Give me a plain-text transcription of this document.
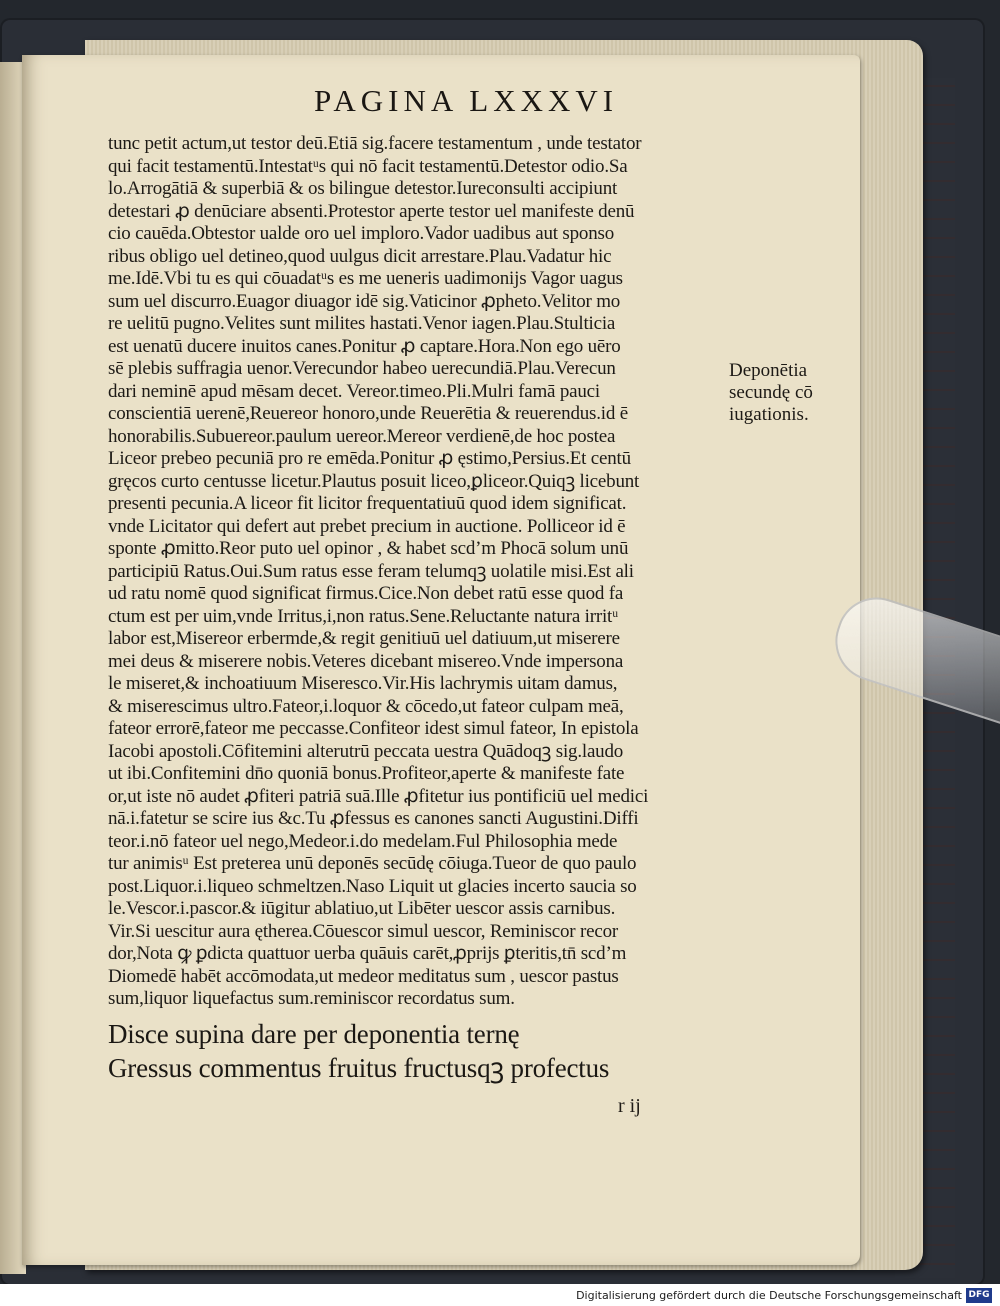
PAGINA LXXXVI
tunc petit actum,ut testor deū.Etiā sig.facere testamentum , unde testator
qui facit testamentū.Intestatᵘs qui nō facit testamentū.Detestor odio.Sa
lo.Arrogātiā & superbiā & os bilingue detestor.Iureconsulti accipiunt
detestari ꝓ denūciare absenti.Protestor aperte testor uel manifeste denū
cio cauēda.Obtestor ualde oro uel imploro.Vador uadibus aut sponso
ribus obligo uel detineo,quod uulgus dicit arrestare.Plau.Vadatur hic
me.Idē.Vbi tu es qui cōuadatᵘs es me ueneris uadimonijs Vagor uagus
sum uel discurro.Euagor diuagor idē sig.Vaticinor ꝓpheto.Velitor mo
re uelitū pugno.Velites sunt milites hastati.Venor iagen.Plau.Stulticia
est uenatū ducere inuitos canes.Ponitur ꝓ captare.Hora.Non ego uēro
sē plebis suffragia uenor.Verecundor habeo uerecundiā.Plau.Verecun
dari neminē apud mēsam decet. Vereor.timeo.Pli.Mulri famā pauci
conscientiā uerenē,Reuereor honoro,unde Reuerētia & reuerendus.id ē
honorabilis.Subuereor.paulum uereor.Mereor verdienē,de hoc postea
Liceor prebeo pecuniā pro re emēda.Ponitur ꝓ ęstimo,Persius.Et centū
gręcos curto centusse licetur.Plautus posuit liceo,ꝑliceor.Quiqꝫ licebunt
presenti pecunia.A liceor fit licitor frequentatiuū quod idem significat.
vnde Licitator qui defert aut prebet precium in auctione. Polliceor id ē
sponte ꝓmitto.Reor puto uel opinor , & habet scd’m Phocā solum unū
participiū Ratus.Oui.Sum ratus esse feram telumqꝫ uolatile misi.Est ali
ud ratu nomē quod significat firmus.Cice.Non debet ratū esse quod fa
ctum est per uim,vnde Irritus,i,non ratus.Sene.Reluctante natura irritᵘ
labor est,Misereor erbermde,& regit genitiuū uel datiuum,ut miserere
mei deus & miserere nobis.Veteres dicebant misereo.Vnde impersona
le miseret,& inchoatiuum Miseresco.Vir.His lachrymis uitam damus,
& miserescimus ultro.Fateor,i.loquor & cōcedo,ut fateor culpam meā,
fateor errorē,fateor me peccasse.Confiteor idest simul fateor, In epistola
Iacobi apostoli.Cōfitemini alterutrū peccata uestra Quādoqꝫ sig.laudo
ut ibi.Confitemini dn̄o quoniā bonus.Profiteor,aperte & manifeste fate
or,ut iste nō audet ꝓfiteri patriā suā.Ille ꝓfitetur ius pontificiū uel medici
nā.i.fatetur se scire ius &c.Tu ꝓfessus es canones sancti Augustini.Diffi
teor.i.nō fateor uel nego,Medeor.i.do medelam.Ful Philosophia mede
tur animisᵘ Est preterea unū deponēs secūdę cōiuga.Tueor de quo paulo
post.Liquor.i.liqueo schmeltzen.Naso Liquit ut glacies incerto saucia so
le.Vescor.i.pascor.& iūgitur ablatiuo,ut Libēter uescor assis carnibus.
Vir.Si uescitur aura ętherea.Cōuescor simul uescor, Reminiscor recor
dor,Nota ꝙ ꝑdicta quattuor uerba quāuis carēt,ꝓprijs ꝑteritis,tn̄ scd’m
Diomedē habēt accōmodata,ut medeor meditatus sum , uescor pastus
sum,liquor liquefactus sum.reminiscor recordatus sum.
Disce supina dare per deponentia ternę
Gressus commentus fruitus fructusqꝫ profectus
r ij
Deponētia
secundę cō
iugationis.
Digitalisierung gefördert durch die Deutsche Forschungsgemeinschaft DFG
